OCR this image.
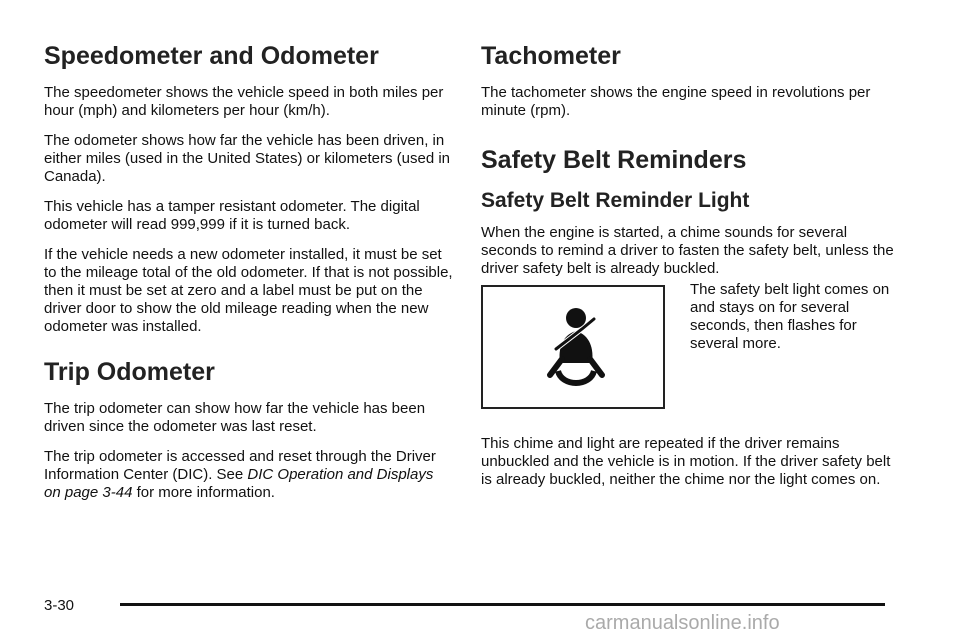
Speedometer and Odometer

The speedometer shows the vehicle speed in both miles per hour (mph) and kilometers per hour (km/h).

The odometer shows how far the vehicle has been driven, in either miles (used in the United States) or kilometers (used in Canada).

This vehicle has a tamper resistant odometer. The digital odometer will read 999,999 if it is turned back.

If the vehicle needs a new odometer installed, it must be set to the mileage total of the old odometer. If that is not possible, then it must be set at zero and a label must be put on the driver door to show the old mileage reading when the new odometer was installed.

Trip Odometer

The trip odometer can show how far the vehicle has been driven since the odometer was last reset.

The trip odometer is accessed and reset through the Driver Information Center (DIC). See DIC Operation and Displays on page 3-44 for more information.

Tachometer

The tachometer shows the engine speed in revolutions per minute (rpm).

Safety Belt Reminders
Safety Belt Reminder Light

When the engine is started, a chime sounds for several seconds to remind a driver to fasten the safety belt, unless the driver safety belt is already buckled.

The safety belt light comes on and stays on for several seconds, then flashes for several more.

This chime and light are repeated if the driver remains unbuckled and the vehicle is in motion. If the driver safety belt is already buckled, neither the chime nor the light comes on.

3-30
carmanualsonline.info
